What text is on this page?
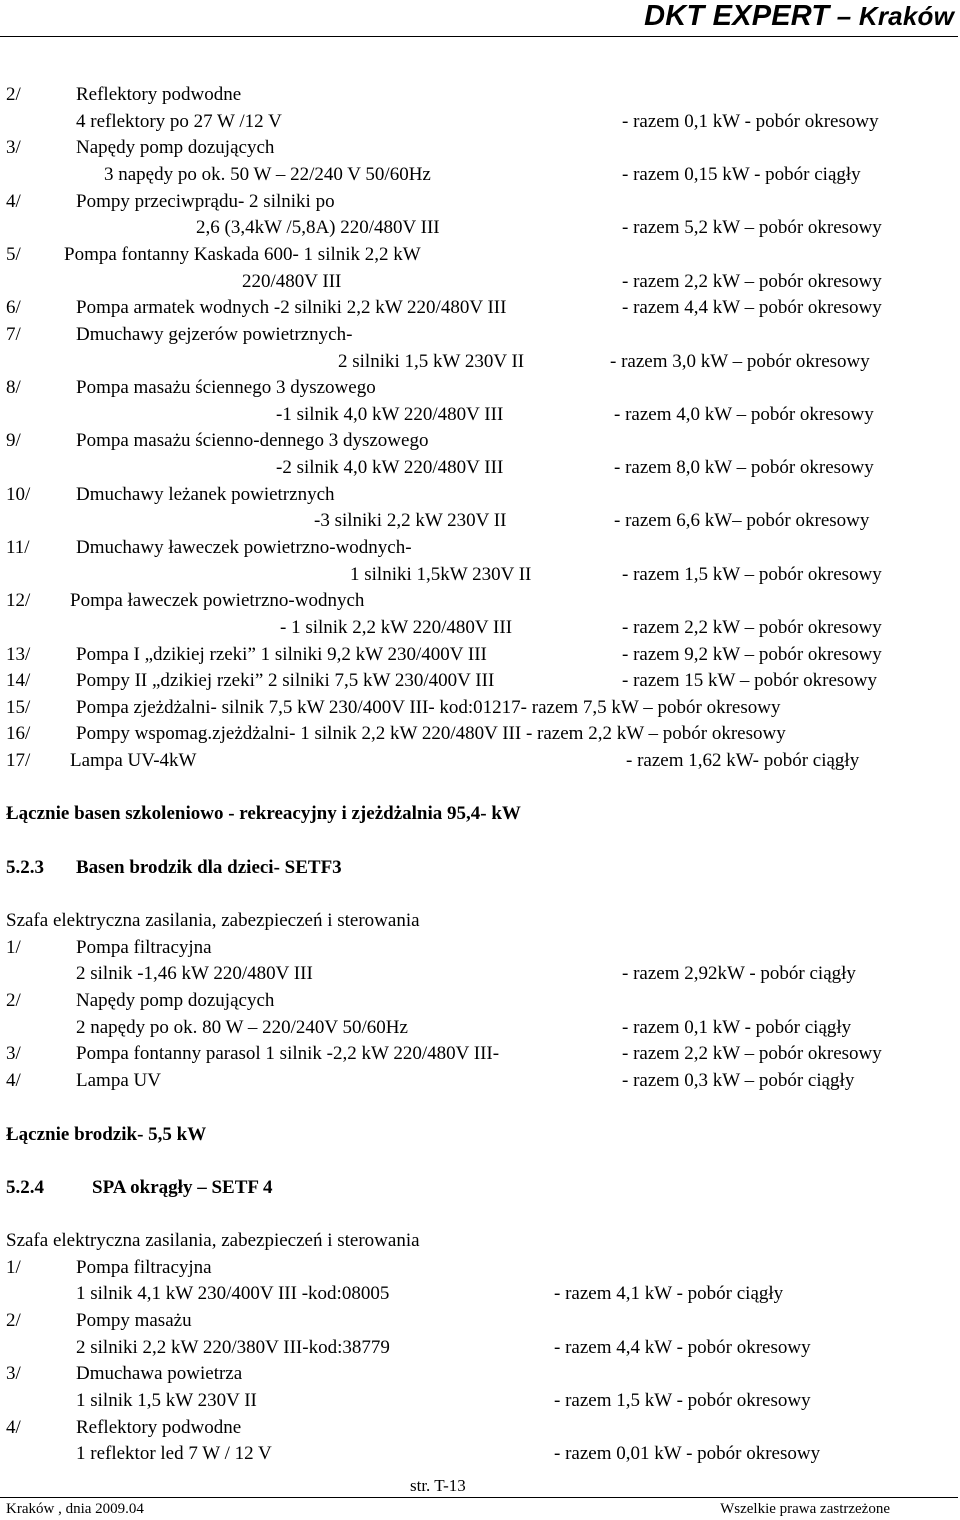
DKT EXPERT – Kraków
2/	Reflektory podwodne
4 reflektory po 27 W /12 V	- razem 0,1 kW - pobór okresowy
3/	Napędy pomp dozujących
3 napędy po ok. 50 W – 22/240 V 50/60Hz	- razem 0,15 kW - pobór ciągły
4/	Pompy przeciwprądu- 2 silniki po
2,6 (3,4kW /5,8A) 220/480V III	- razem 5,2 kW – pobór okresowy
5/ Pompa fontanny Kaskada 600- 1 silnik 2,2 kW
220/480V III	- razem 2,2 kW – pobór okresowy
6/	Pompa armatek wodnych -2 silniki 2,2 kW 220/480V III	- razem 4,4 kW – pobór okresowy
7/	Dmuchawy gejzerów powietrznych-
2 silniki 1,5 kW 230V II	- razem 3,0 kW – pobór okresowy
8/	Pompa masażu ściennego 3 dyszowego
-1 silnik 4,0 kW 220/480V III	- razem 4,0 kW – pobór okresowy
9/	Pompa masażu ścienno-dennego 3 dyszowego
-2 silnik 4,0 kW 220/480V III	- razem 8,0 kW – pobór okresowy
10/ Dmuchawy leżanek powietrznych
-3 silniki 2,2 kW 230V II	- razem 6,6 kW– pobór okresowy
11/ Dmuchawy ławeczek powietrzno-wodnych-
1 silniki 1,5kW 230V II	- razem 1,5 kW – pobór okresowy
12/ Pompa ławeczek powietrzno-wodnych
- 1 silnik 2,2 kW 220/480V III	- razem 2,2 kW – pobór okresowy
13/ Pompa I „dzikiej rzeki” 1 silniki 9,2 kW 230/400V III	- razem 9,2 kW – pobór okresowy
14/ Pompy II „dzikiej rzeki” 2 silniki 7,5 kW 230/400V III	- razem 15 kW – pobór okresowy
15/ Pompa zjeżdżalni- silnik 7,5 kW 230/400V III- kod:01217- razem 7,5 kW – pobór okresowy
16/ Pompy wspomag.zjeżdżalni- 1 silnik 2,2 kW 220/480V III - razem 2,2 kW – pobór okresowy
17/ Lampa UV-4kW	- razem 1,62 kW- pobór ciągły
Łącznie basen szkoleniowo - rekreacyjny i zjeżdżalnia 95,4- kW
5.2.3 Basen brodzik dla dzieci- SETF3
Szafa elektryczna zasilania, zabezpieczeń i sterowania
1/	Pompa filtracyjna
2 silnik -1,46 kW 220/480V III	- razem 2,92kW - pobór ciągły
2/	Napędy pomp dozujących
2 napędy po ok. 80 W – 220/240V 50/60Hz	- razem 0,1 kW - pobór ciągły
3/	Pompa fontanny parasol 1 silnik -2,2 kW 220/480V III-	- razem 2,2 kW – pobór okresowy
4/	Lampa UV	- razem 0,3 kW – pobór ciągły
Łącznie brodzik- 5,5 kW
5.2.4	SPA okrągły – SETF 4
Szafa elektryczna zasilania, zabezpieczeń i sterowania
1/	Pompa filtracyjna
1 silnik 4,1 kW 230/400V III -kod:08005	- razem 4,1 kW - pobór ciągły
2/	Pompy masażu
2 silniki 2,2 kW 220/380V III-kod:38779	- razem 4,4 kW - pobór okresowy
3/	Dmuchawa powietrza
1 silnik 1,5 kW 230V II	- razem 1,5 kW - pobór okresowy
4/	Reflektory podwodne
1 reflektor led 7 W / 12 V	- razem 0,01 kW - pobór okresowy
str. T-13
Kraków , dnia 2009.04	Wszelkie prawa zastrzeżone
